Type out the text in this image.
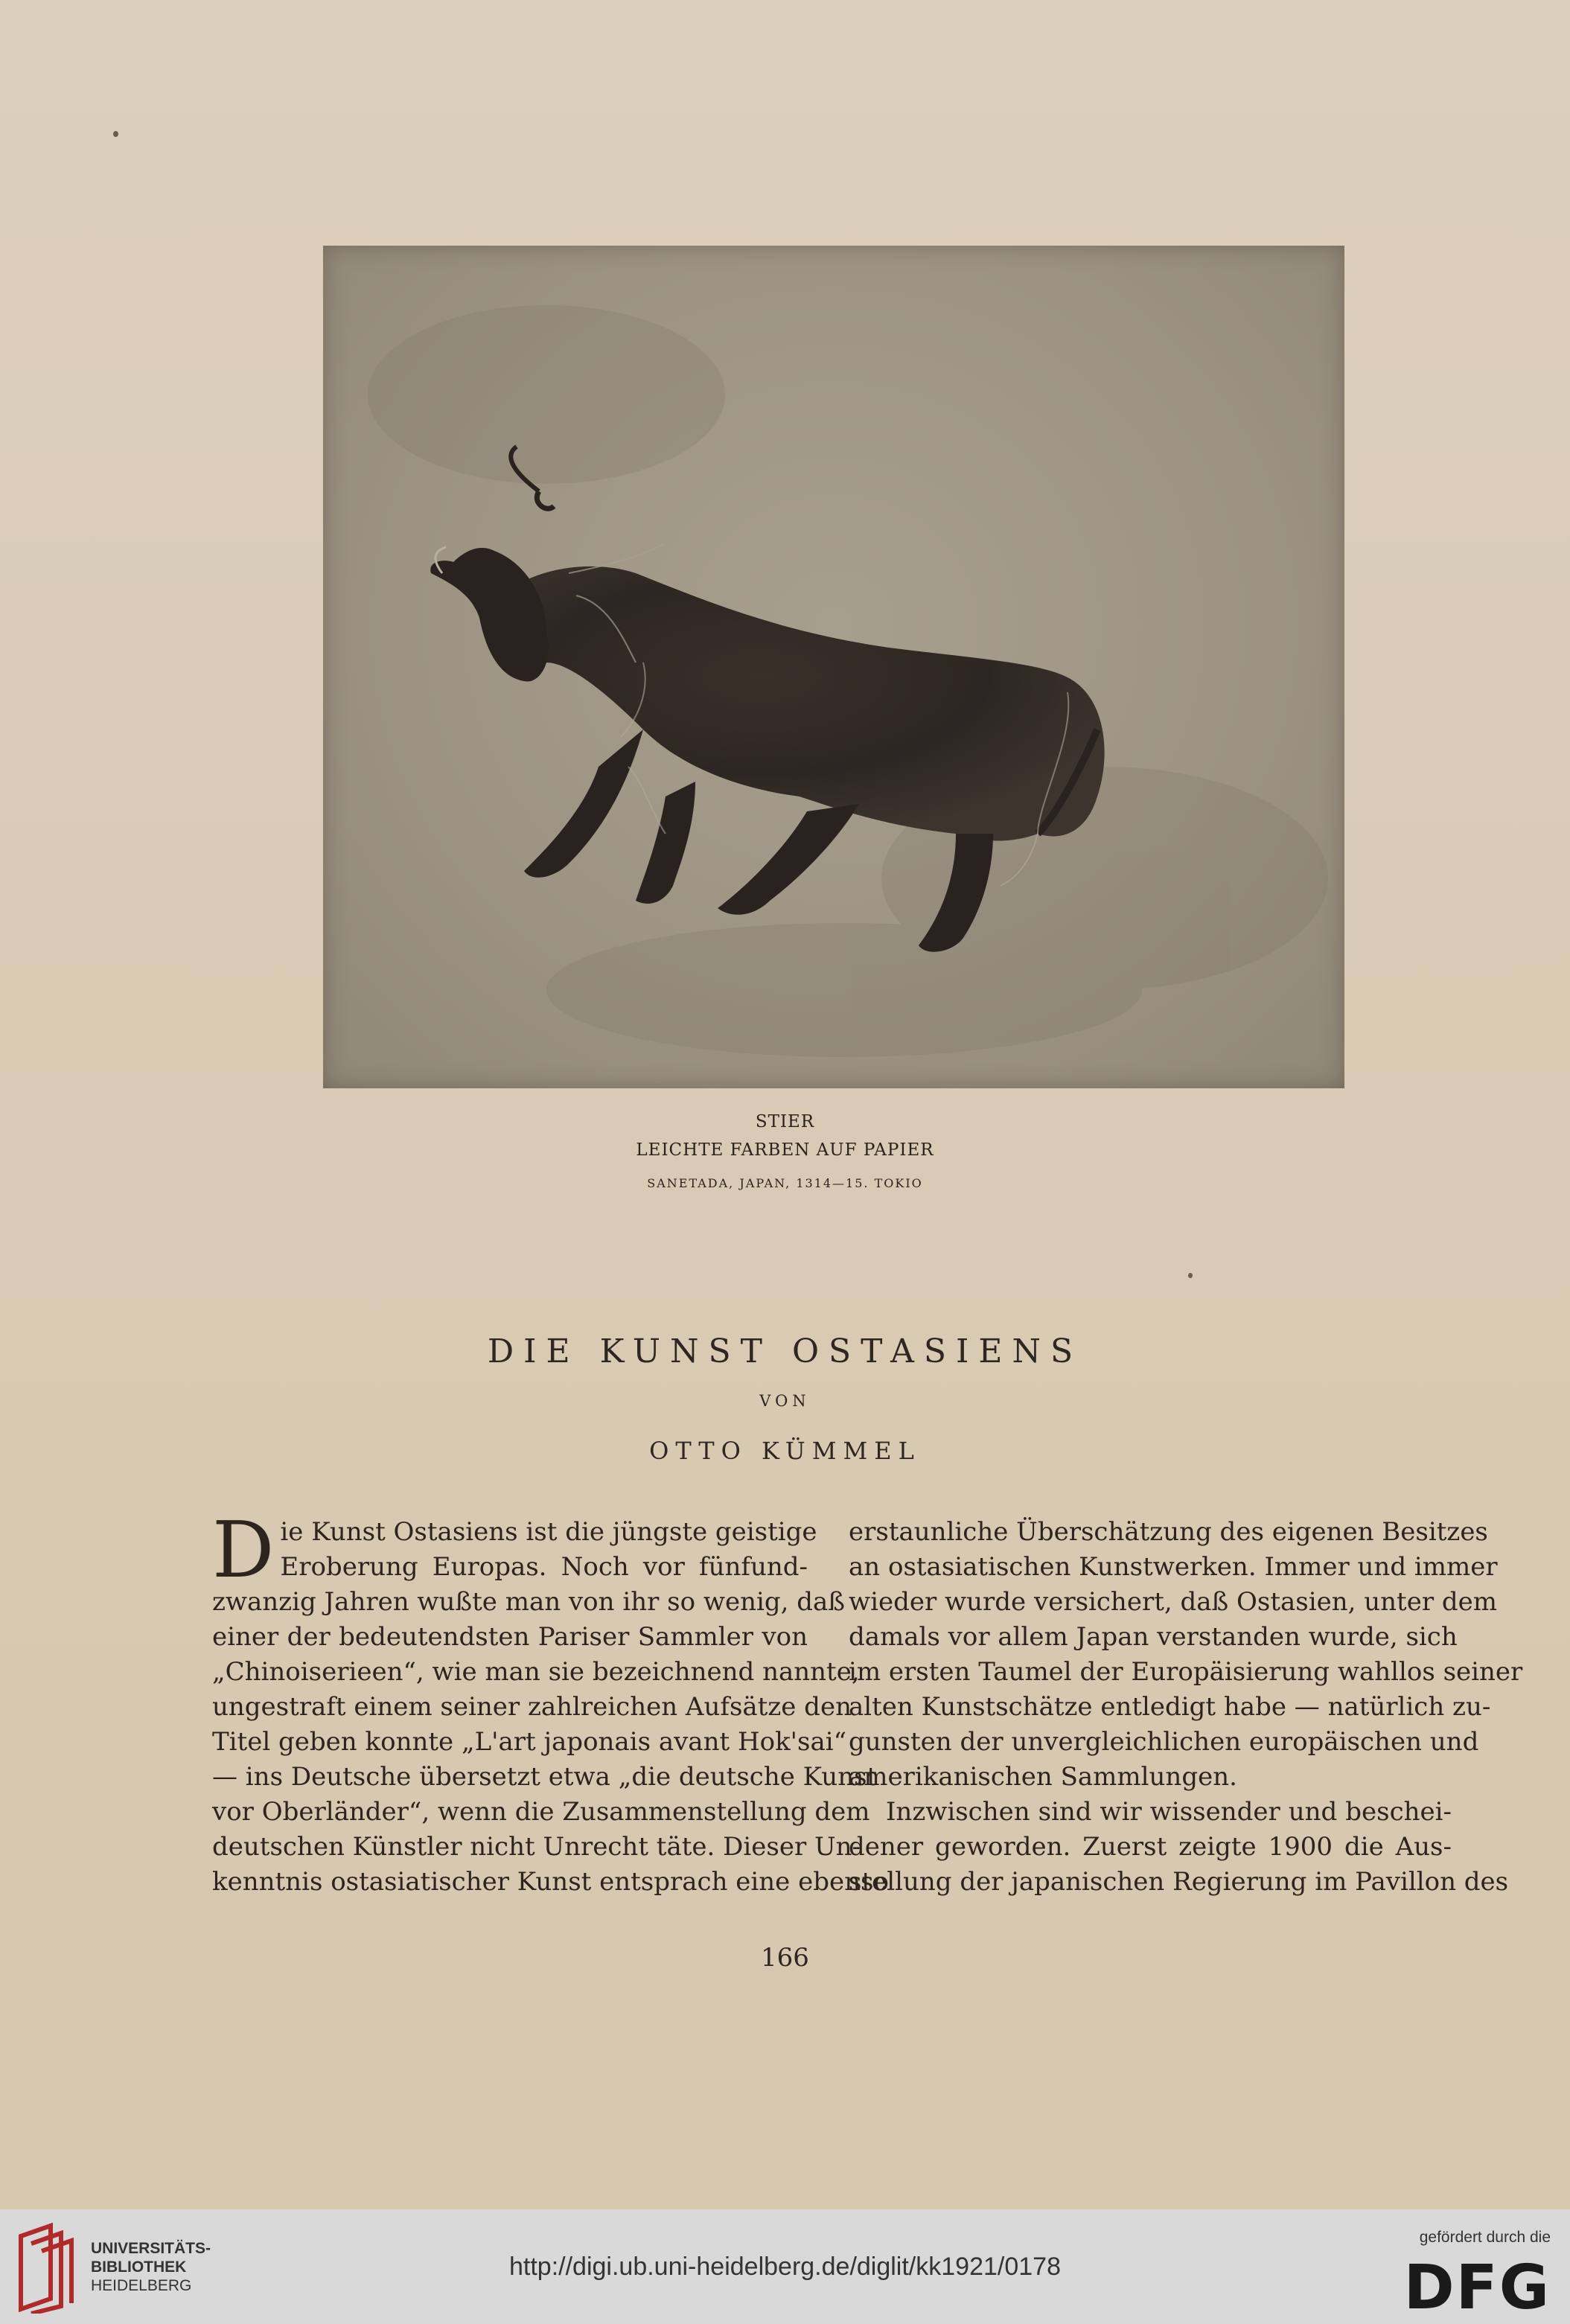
STIER
LEICHTE FARBEN AUF PAPIER
SANETADA, JAPAN, 1314—15. TOKIO
DIE KUNST OSTASIENS
VON
OTTO KÜMMEL
D ie Kunst Ostasiens ist die jüngste geistige
Eroberung Europas. Noch vor fünfund-
zwanzig Jahren wußte man von ihr so wenig, daß
einer der bedeutendsten Pariser Sammler von
„Chinoiserieen“, wie man sie bezeichnend nannte,
ungestraft einem seiner zahlreichen Aufsätze den
Titel geben konnte „L'art japonais avant Hok'sai“
— ins Deutsche übersetzt etwa „die deutsche Kunst
vor Oberländer“, wenn die Zusammenstellung dem
deutschen Künstler nicht Unrecht täte. Dieser Un-
kenntnis ostasiatischer Kunst entsprach eine ebenso
erstaunliche Überschätzung des eigenen Besitzes
an ostasiatischen Kunstwerken. Immer und immer
wieder wurde versichert, daß Ostasien, unter dem
damals vor allem Japan verstanden wurde, sich
im ersten Taumel der Europäisierung wahllos seiner
alten Kunstschätze entledigt habe — natürlich zu-
gunsten der unvergleichlichen europäischen und
amerikanischen Sammlungen.
Inzwischen sind wir wissender und beschei-
dener geworden. Zuerst zeigte 1900 die Aus-
stellung der japanischen Regierung im Pavillon des
166
UNIVERSITÄTS-
BIBLIOTHEK
HEIDELBERG
http://digi.ub.uni-heidelberg.de/diglit/kk1921/0178
gefördert durch die
DFG
